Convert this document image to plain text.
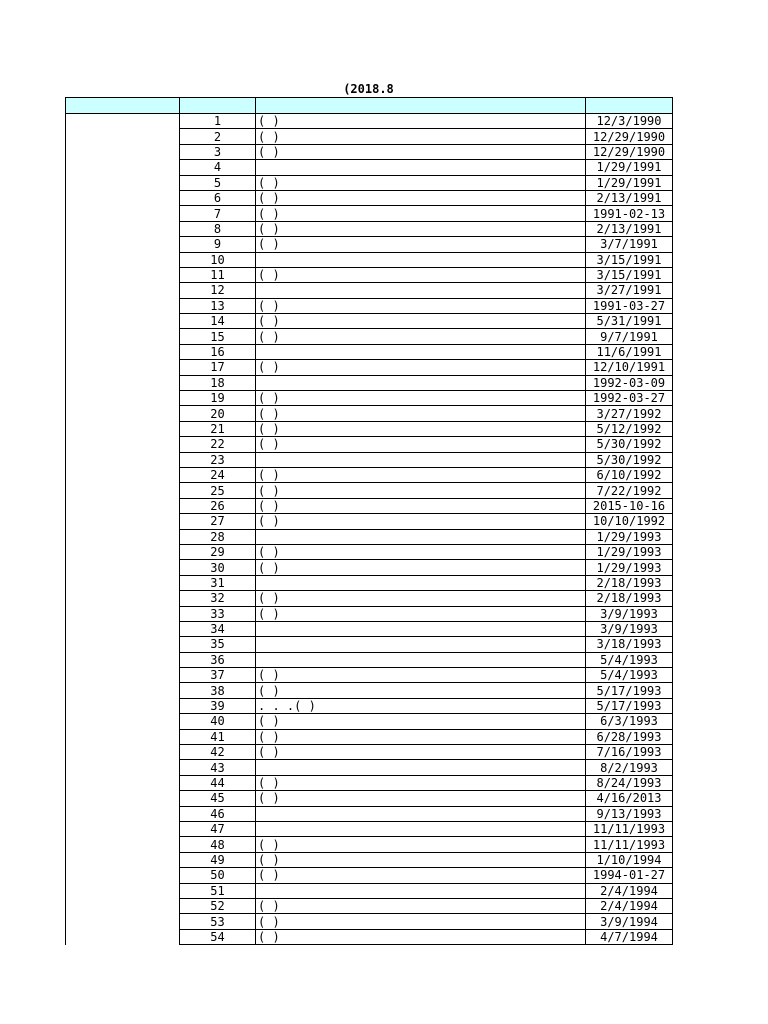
(2018.8

	1	( )	12/3/1990
	2	( )	12/29/1990
	3	( )	12/29/1990
	4		1/29/1991
	5	( )	1/29/1991
	6	( )	2/13/1991
	7	( )	1991-02-13
	8	( )	2/13/1991
	9	( )	3/7/1991
	10		3/15/1991
	11	( )	3/15/1991
	12		3/27/1991
	13	( )	1991-03-27
	14	( )	5/31/1991
	15	( )	9/7/1991
	16		11/6/1991
	17	( )	12/10/1991
	18		1992-03-09
	19	( )	1992-03-27
	20	( )	3/27/1992
	21	( )	5/12/1992
	22	( )	5/30/1992
	23		5/30/1992
	24	( )	6/10/1992
	25	( )	7/22/1992
	26	( )	2015-10-16
	27	( )	10/10/1992
	28		1/29/1993
	29	( )	1/29/1993
	30	( )	1/29/1993
	31		2/18/1993
	32	( )	2/18/1993
	33	( )	3/9/1993
	34		3/9/1993
	35		3/18/1993
	36		5/4/1993
	37	( )	5/4/1993
	38	( )	5/17/1993
	39	. . .( )	5/17/1993
	40	( )	6/3/1993
	41	( )	6/28/1993
	42	( )	7/16/1993
	43		8/2/1993
	44	( )	8/24/1993
	45	( )	4/16/2013
	46		9/13/1993
	47		11/11/1993
	48	( )	11/11/1993
	49	( )	1/10/1994
	50	( )	1994-01-27
	51		2/4/1994
	52	( )	2/4/1994
	53	( )	3/9/1994
	54	( )	4/7/1994
